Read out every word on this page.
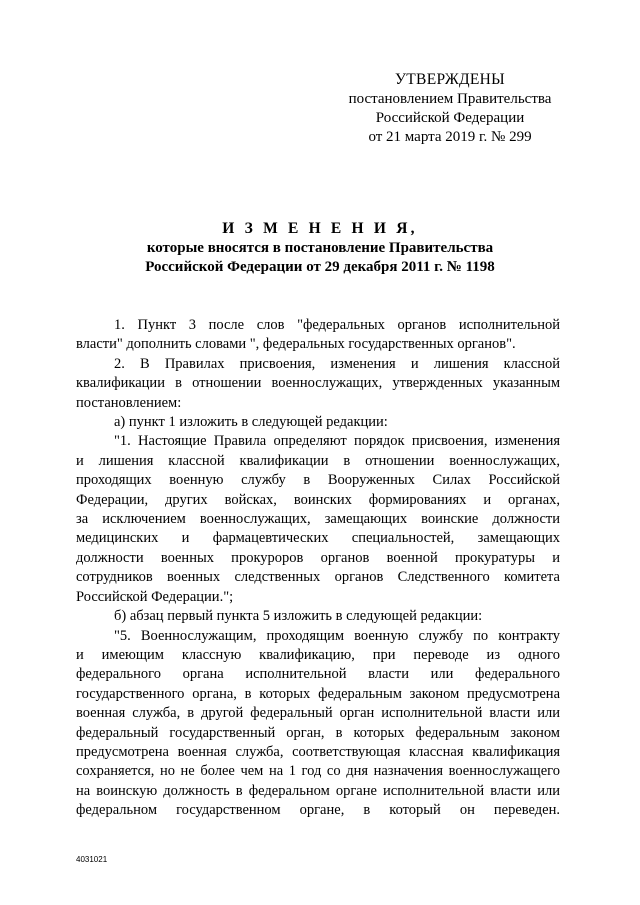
УТВЕРЖДЕНЫ
постановлением Правительства
Российской Федерации
от 21 марта 2019 г. № 299
И З М Е Н Е Н И Я,
которые вносятся в постановление Правительства
Российской Федерации от 29 декабря 2011 г. № 1198

1. Пункт 3 после слов "федеральных органов исполнительной

власти" дополнить словами ", федеральных государственных органов".

2. В Правилах присвоения, изменения и лишения классной

квалификации в отношении военнослужащих, утвержденных указанным

постановлением:

а) пункт 1 изложить в следующей редакции:

"1. Настоящие Правила определяют порядок присвоения, изменения

и лишения классной квалификации в отношении военнослужащих,

проходящих военную службу в Вооруженных Силах Российской

Федерации, других войсках, воинских формированиях и органах,

за исключением военнослужащих, замещающих воинские должности

медицинских и фармацевтических специальностей, замещающих

должности военных прокуроров органов военной прокуратуры и

сотрудников военных следственных органов Следственного комитета

Российской Федерации.";

б) абзац первый пункта 5 изложить в следующей редакции:

"5. Военнослужащим, проходящим военную службу по контракту

и имеющим классную квалификацию, при переводе из одного

федерального органа исполнительной власти или федерального

государственного органа, в которых федеральным законом предусмотрена

военная служба, в другой федеральный орган исполнительной власти или

федеральный государственный орган, в которых федеральным законом

предусмотрена военная служба, соответствующая классная квалификация

сохраняется, но не более чем на 1 год со дня назначения военнослужащего

на воинскую должность в федеральном органе исполнительной власти или

федеральном государственном органе, в который он переведен.

4031021
